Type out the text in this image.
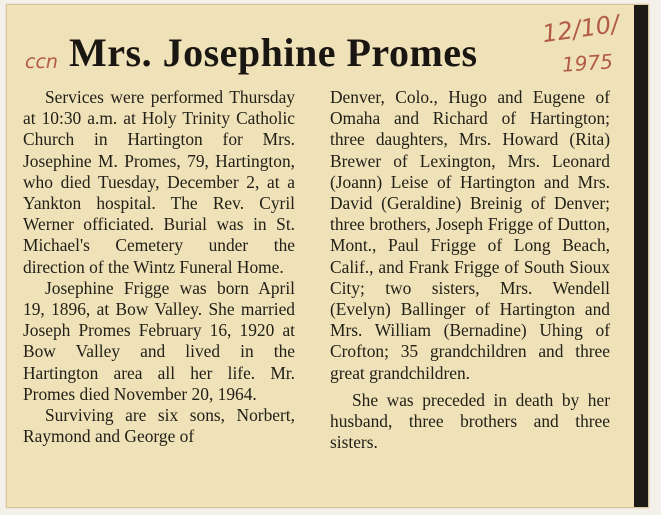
ccn
12/10/
1975
Mrs. Josephine Promes

Services were performed Thursday at 10:30 a.m. at Holy Trinity Catholic Church in Hartington for Mrs. Josephine M. Promes, 79, Hartington, who died Tuesday, December 2, at a Yankton hospital. The Rev. Cyril Werner officiated. Burial was in St. Michael's Cemetery under the direction of the Wintz Funeral Home.

Josephine Frigge was born April 19, 1896, at Bow Valley. She married Joseph Promes February 16, 1920 at Bow Valley and lived in the Hartington area all her life. Mr. Promes died November 20, 1964.

Surviving are six sons, Norbert, Raymond and George of

Denver, Colo., Hugo and Eugene of Omaha and Richard of Hartington; three daughters, Mrs. Howard (Rita) Brewer of Lexington, Mrs. Leonard (Joann) Leise of Hartington and Mrs. David (Geraldine) Breinig of Denver; three brothers, Joseph Frigge of Dutton, Mont., Paul Frigge of Long Beach, Calif., and Frank Frigge of South Sioux City; two sisters, Mrs. Wendell (Evelyn) Ballinger of Hartington and Mrs. William (Bernadine) Uhing of Crofton; 35 grandchildren and three great grandchildren.

She was preceded in death by her husband, three brothers and three sisters.
